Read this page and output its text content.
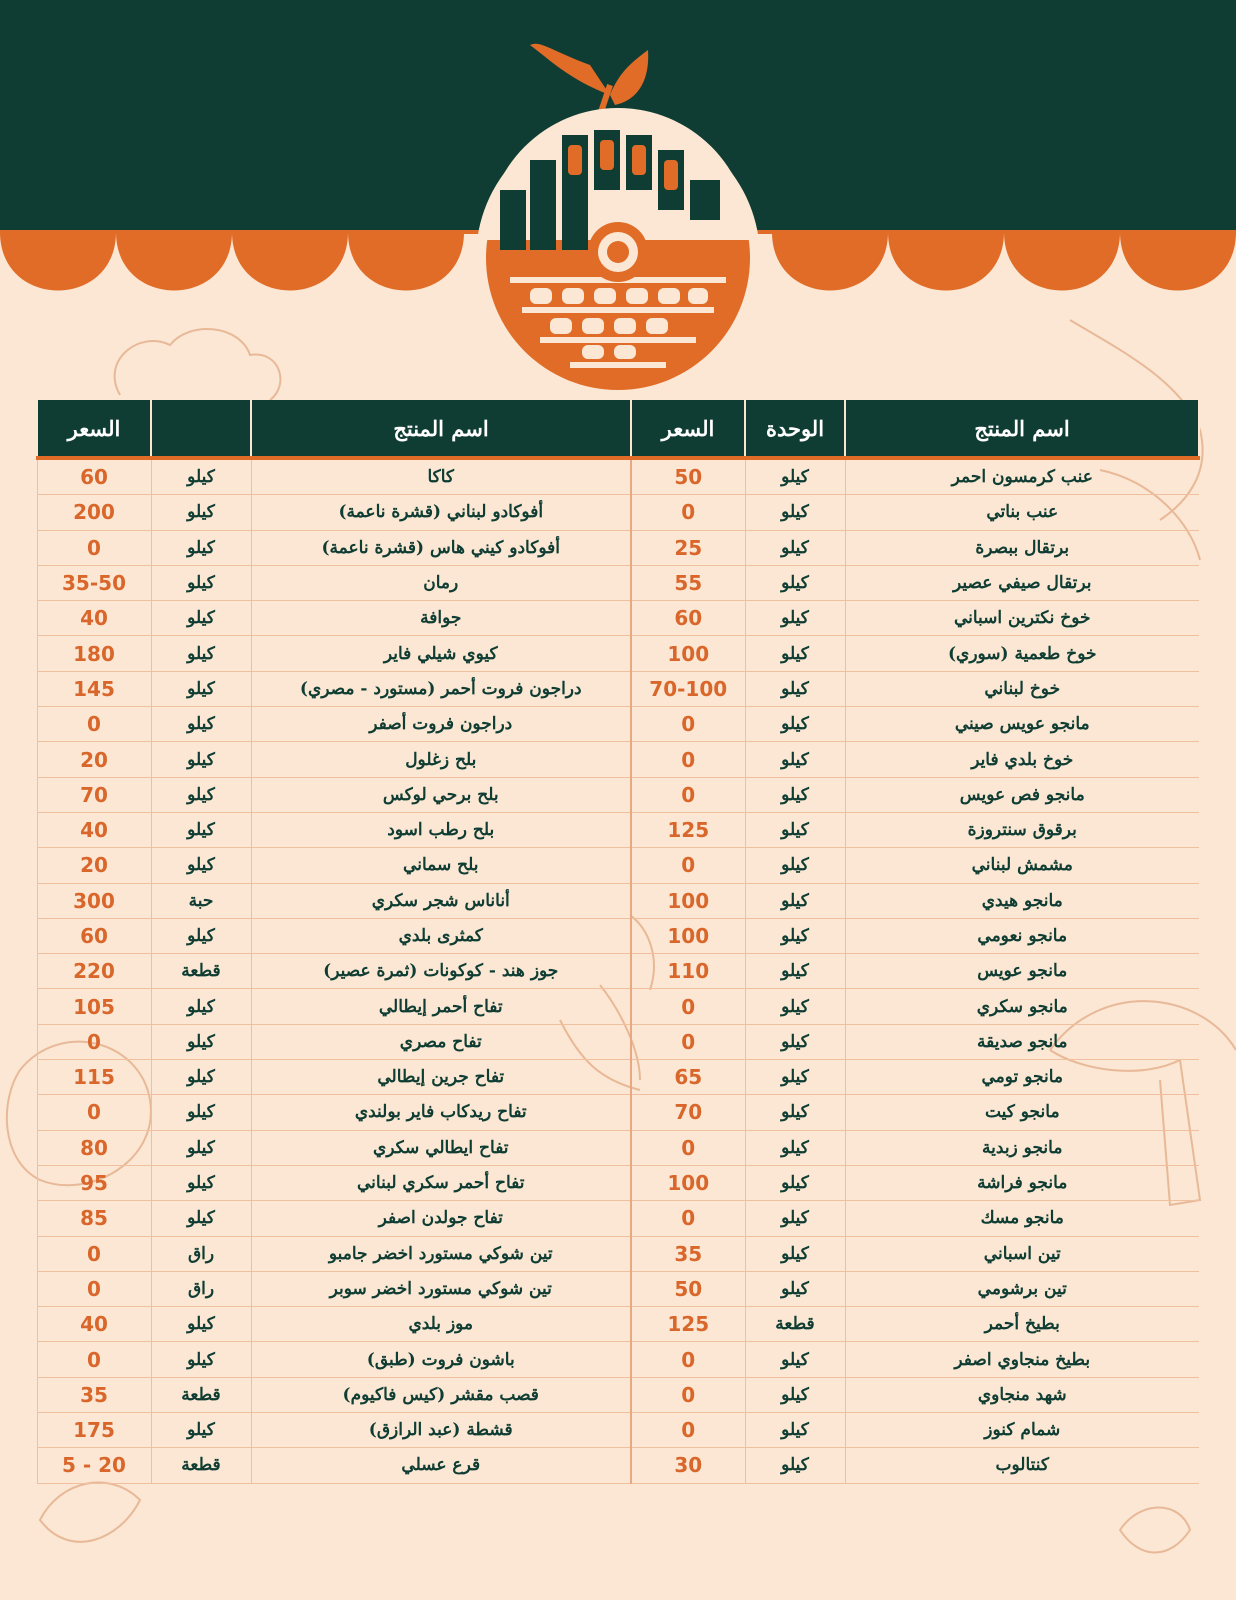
السعر		اسم المنتج	السعر	الوحدة	اسم المنتج
60	كيلو	كاكا	50	كيلو	عنب كرمسون احمر
200	كيلو	أفوكادو لبناني (قشرة ناعمة)	0	كيلو	عنب بناتي
0	كيلو	أفوكادو كيني هاس (قشرة ناعمة)	25	كيلو	برتقال ببصرة
35-50	كيلو	رمان	55	كيلو	برتقال صيفي عصير
40	كيلو	جوافة	60	كيلو	خوخ نكترين اسباني
180	كيلو	كيوي شيلي فاير	100	كيلو	خوخ طعمية (سوري)
145	كيلو	دراجون فروت أحمر (مستورد - مصري)	70-100	كيلو	خوخ لبناني
0	كيلو	دراجون فروت أصفر	0	كيلو	مانجو عويس صيني
20	كيلو	بلح زغلول	0	كيلو	خوخ بلدي فاير
70	كيلو	بلح برحي لوكس	0	كيلو	مانجو فص عويس
40	كيلو	بلح رطب اسود	125	كيلو	برقوق سنتروزة
20	كيلو	بلح سماني	0	كيلو	مشمش لبناني
300	حبة	أناناس شجر سكري	100	كيلو	مانجو هيدي
60	كيلو	كمثرى بلدي	100	كيلو	مانجو نعومي
220	قطعة	جوز هند - كوكونات (ثمرة عصير)	110	كيلو	مانجو عويس
105	كيلو	تفاح أحمر إيطالي	0	كيلو	مانجو سكري
0	كيلو	تفاح مصري	0	كيلو	مانجو صديقة
115	كيلو	تفاح جرين إيطالي	65	كيلو	مانجو تومي
0	كيلو	تفاح ريدكاب فاير بولندي	70	كيلو	مانجو كيت
80	كيلو	تفاح ايطالي سكري	0	كيلو	مانجو زبدية
95	كيلو	تفاح أحمر سكري لبناني	100	كيلو	مانجو فراشة
85	كيلو	تفاح جولدن اصفر	0	كيلو	مانجو مسك
0	راق	تين شوكي مستورد اخضر جامبو	35	كيلو	تين اسباني
0	راق	تين شوكي مستورد اخضر سوبر	50	كيلو	تين برشومي
40	كيلو	موز بلدي	125	قطعة	بطيخ أحمر
0	كيلو	باشون فروت (طبق)	0	كيلو	بطيخ منجاوي اصفر
35	قطعة	قصب مقشر (كيس فاكيوم)	0	كيلو	شهد منجاوي
175	كيلو	قشطة (عبد الرازق)	0	كيلو	شمام كنوز
5 - 20	قطعة	قرع عسلي	30	كيلو	كنتالوب
